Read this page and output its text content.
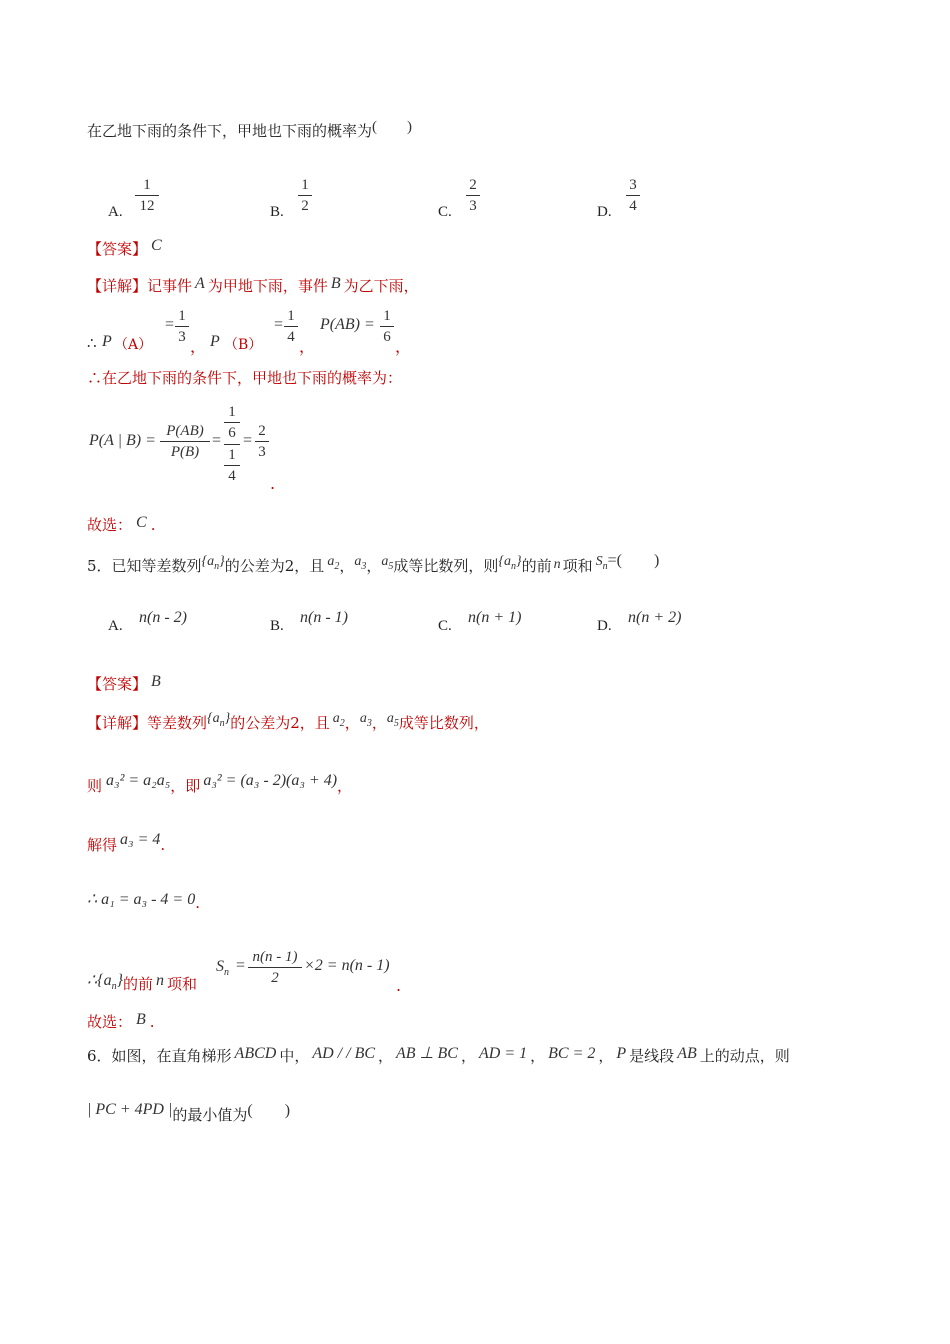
在乙地下雨的条件下，甲地也下雨的概率为(　　)
A.
1
12	B.
1
2	C.
2
3	D.
3
4
【答案】 C
【详解】记事件 A 为甲地下雨，事件 B 为乙下雨，
∴ P （A）
= 1
3 ， P （B）
= 1
4 ，
P(AB) = 1
6 ，
∴在乙地下雨的条件下，甲地也下雨的概率为：
P(A | B) =
P(AB)
P(B)
=
1
6
1
4
=
2
3
.
故选： C .
5．已知等差数列$\{a_n\}$的公差为2，且 $a_2$，$a_3$，$a_5$成等比数列，则$\{a_n\}$的前 n 项和 $S_n=$(　　)
A. n(n - 2)	B. n(n - 1)	C. n(n + 1)	D. n(n + 2)
【答案】 B
【详解】等差数列$\{a_n\}$的公差为2，且 $a_2$，$a_3$，$a_5$成等比数列，
则 a₃² = a₂a₅，即 a₃² = (a₃ - 2)(a₃ + 4)，
解得 a₃ = 4.
∴ a₁ = a₃ - 4 = 0.
$\therefore\{a_n\}$的前 n 项和
$S_n = n(n - 1)$
2
×2 = n(n - 1)
.
故选： B .
6．如图，在直角梯形 ABCD 中， AD / / BC ， AB ⊥ BC ， AD = 1 ， BC = 2 ， P 是线段 AB 上的动点，则
| PC + 4PD |的最小值为(　　)
